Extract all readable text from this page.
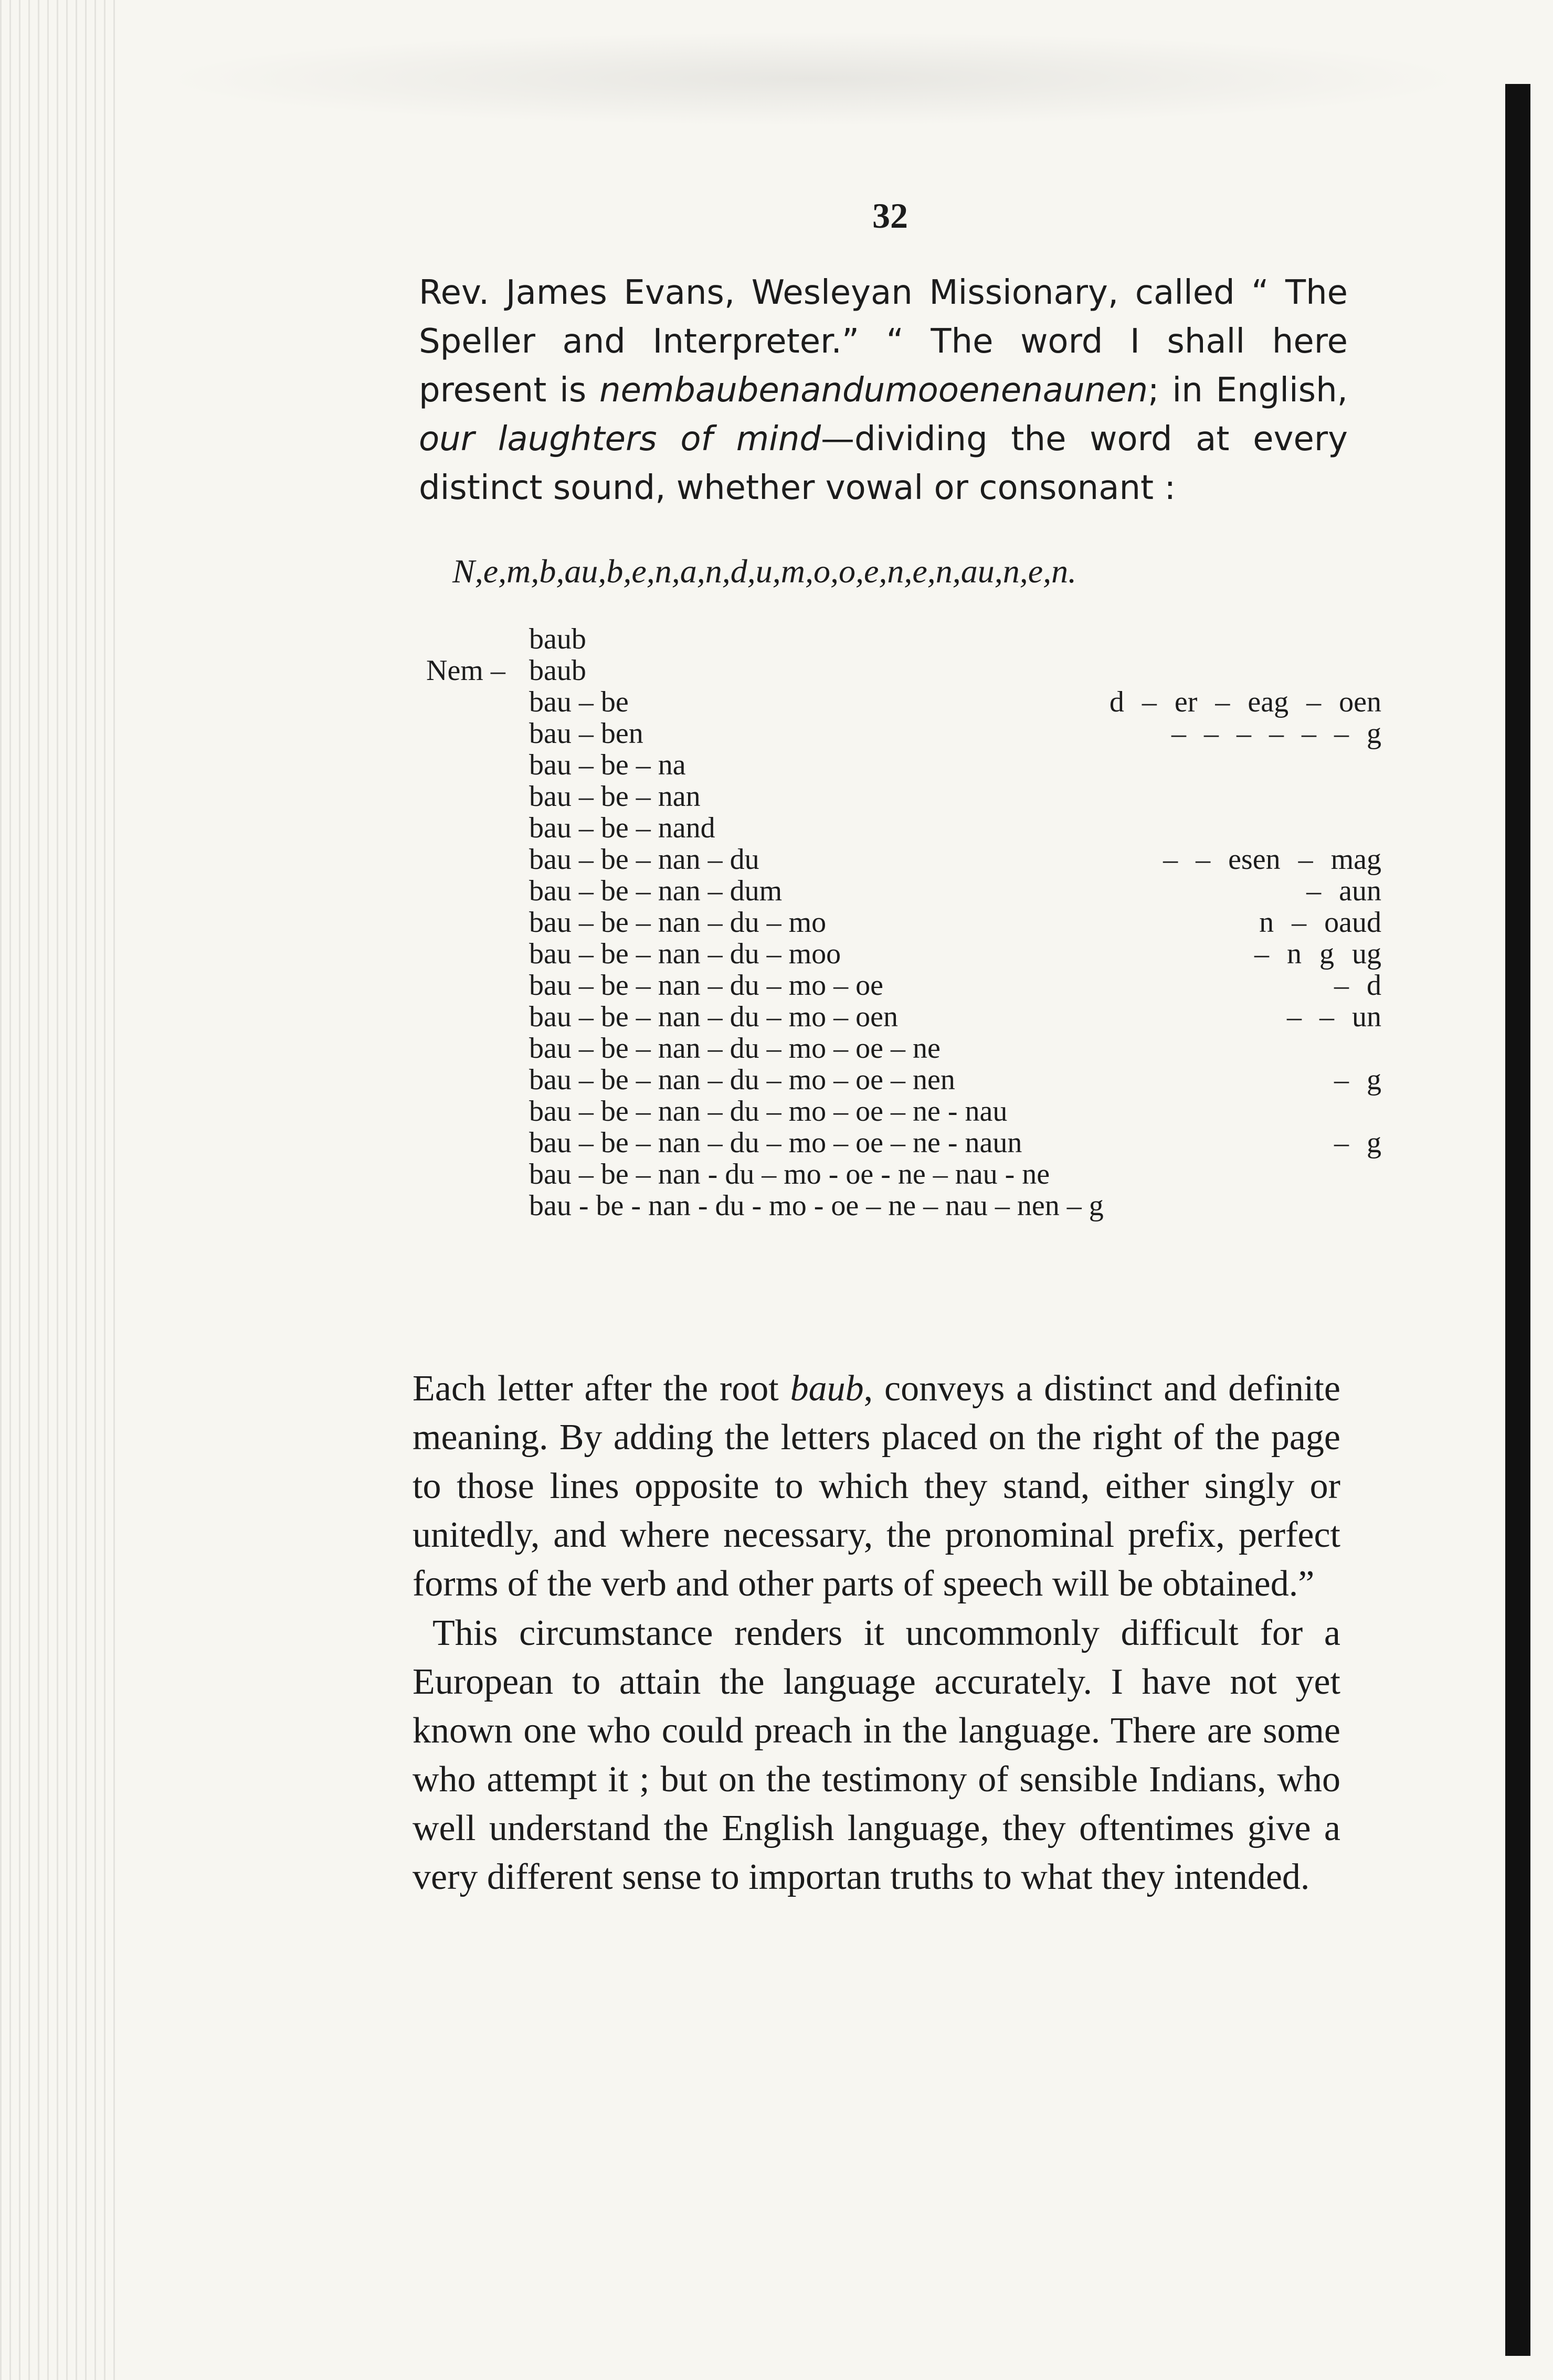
32

Rev. James Evans, Wesleyan Missionary, called “ The Speller and Interpreter.” “ The word I shall here present is nembaubenandumooenenaunen; in English, our laughters of mind—dividing the word at every distinct sound, whether vowal or consonant :

N,e,m,b,au,b,e,n,a,n,d,u,m,o,o,e,n,e,n,au,n,e,n.
baub
Nem – baub
bau – be	d – er – eag – oen
bau – ben	– – – – – – g
bau – be – na
bau – be – nan
bau – be – nand
bau – be – nan – du	– – esen – mag
bau – be – nan – dum	– aun
bau – be – nan – du – mo	n – oaud
bau – be – nan – du – moo	– n g ug
bau – be – nan – du – mo – oe	– d
bau – be – nan – du – mo – oen	– – un
bau – be – nan – du – mo – oe – ne
bau – be – nan – du – mo – oe – nen	– g
bau – be – nan – du – mo – oe – ne - nau
bau – be – nan – du – mo – oe – ne - naun	– g
bau – be – nan - du – mo - oe - ne – nau - ne
bau - be - nan - du - mo - oe – ne – nau – nen – g

Each letter after the root baub, conveys a distinct and definite meaning. By adding the letters placed on the right of the page to those lines opposite to which they stand, either singly or unitedly, and where necessary, the pronominal prefix, perfect forms of the verb and other parts of speech will be obtained.”

This circumstance renders it uncommonly difficult for a European to attain the language accurately. I have not yet known one who could preach in the language. There are some who attempt it ; but on the testimony of sensible Indians, who well understand the English language, they oftentimes give a very different sense to importan truths to what they intended.
